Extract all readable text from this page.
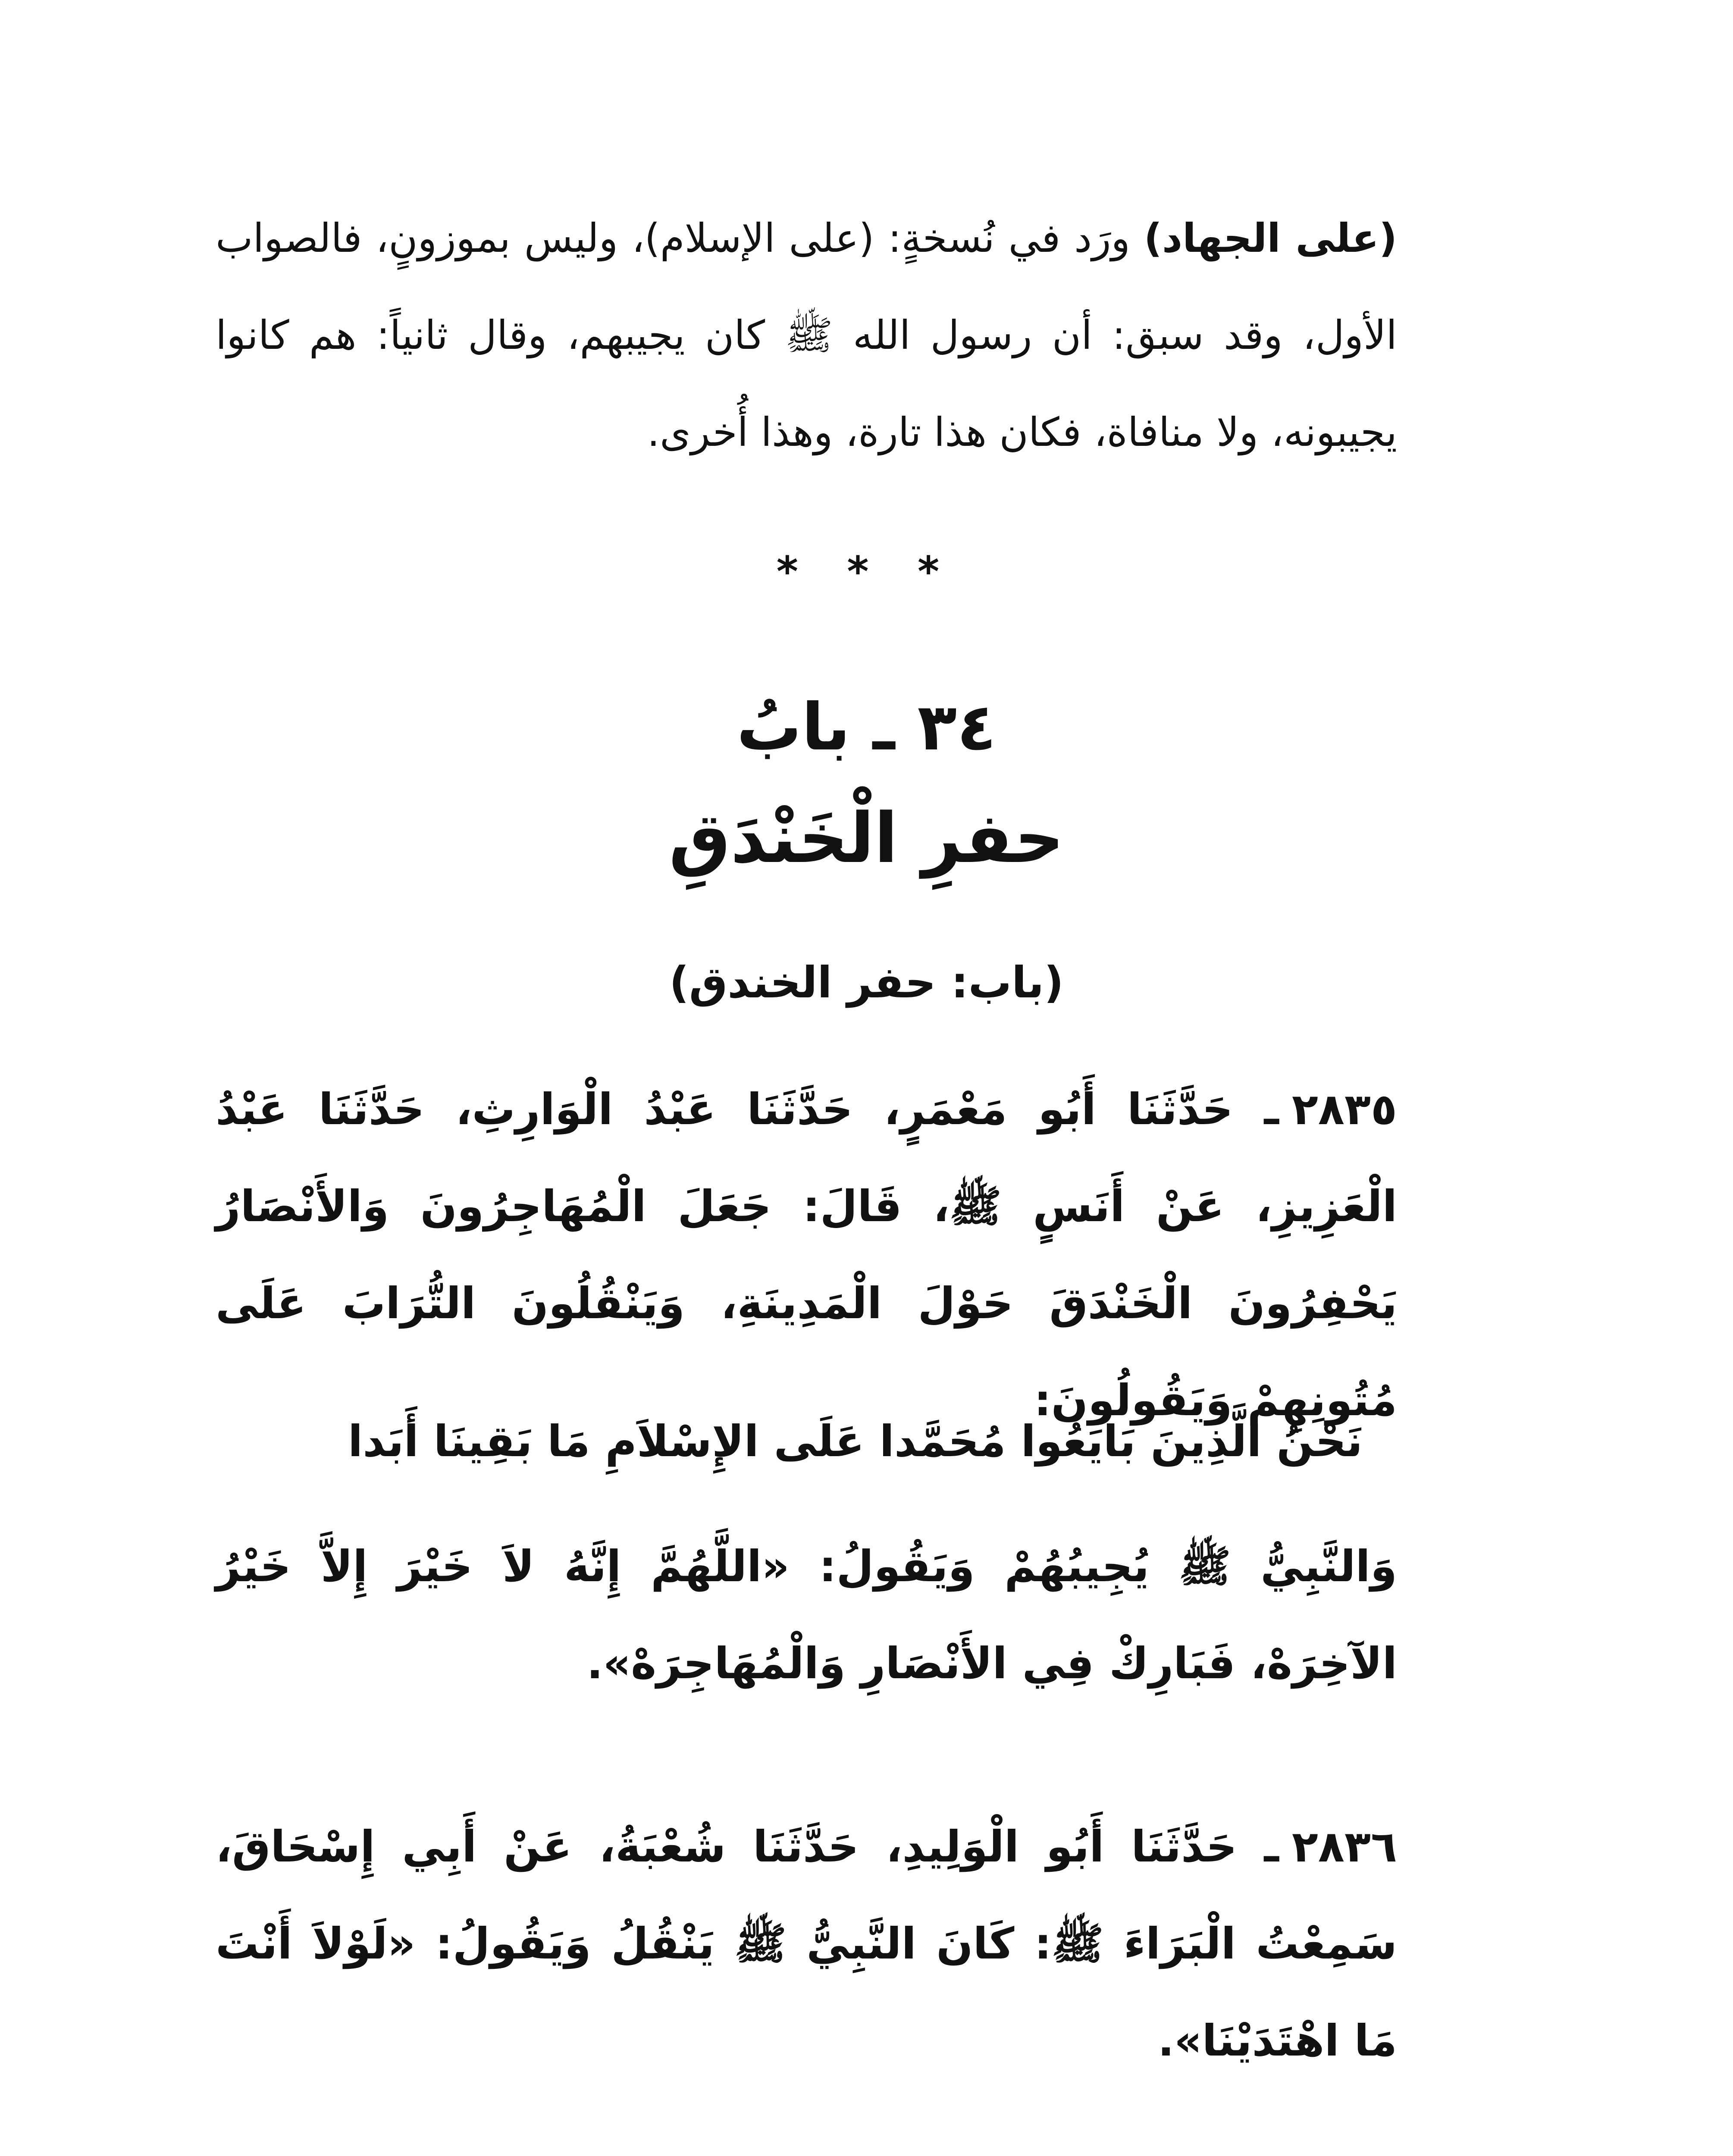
(على الجهاد) ورَد في نُسخةٍ: (على الإسلام)، وليس بموزونٍ، فالصواب الأول، وقد سبق: أن رسول الله ﷺ كان يجيبهم، وقال ثانياً: هم كانوا يجيبونه، ولا منافاة، فكان هذا تارة، وهذا أُخرى.
* * *
٣٤ ـ بابُ
حفرِ الْخَنْدَقِ
(باب: حفر الخندق)
٢٨٣٥ـ حَدَّثَنَا أَبُو مَعْمَرٍ، حَدَّثَنَا عَبْدُ الْوَارِثِ، حَدَّثَنَا عَبْدُ الْعَزِيزِ، عَنْ أَنَسٍ ﷺ، قَالَ: جَعَلَ الْمُهَاجِرُونَ وَالأَنْصَارُ يَحْفِرُونَ الْخَنْدَقَ حَوْلَ الْمَدِينَةِ، وَيَنْقُلُونَ التُّرَابَ عَلَى مُتُونِهِمْ وَيَقُولُونَ:
نَحْنُ الَّذِينَ بَايَعُوا مُحَمَّدا عَلَى الإِسْلاَمِ مَا بَقِينَا أَبَدا
وَالنَّبِيُّ ﷺ يُجِيبُهُمْ وَيَقُولُ: «اللَّهُمَّ إِنَّهُ لاَ خَيْرَ إِلاَّ خَيْرُ الآخِرَهْ، فَبَارِكْ فِي الأَنْصَارِ وَالْمُهَاجِرَهْ».
٢٨٣٦ـ حَدَّثَنَا أَبُو الْوَلِيدِ، حَدَّثَنَا شُعْبَةُ، عَنْ أَبِي إِسْحَاقَ، سَمِعْتُ الْبَرَاءَ ﷺ: كَانَ النَّبِيُّ ﷺ يَنْقُلُ وَيَقُولُ: «لَوْلاَ أَنْتَ مَا اهْتَدَيْنَا».
